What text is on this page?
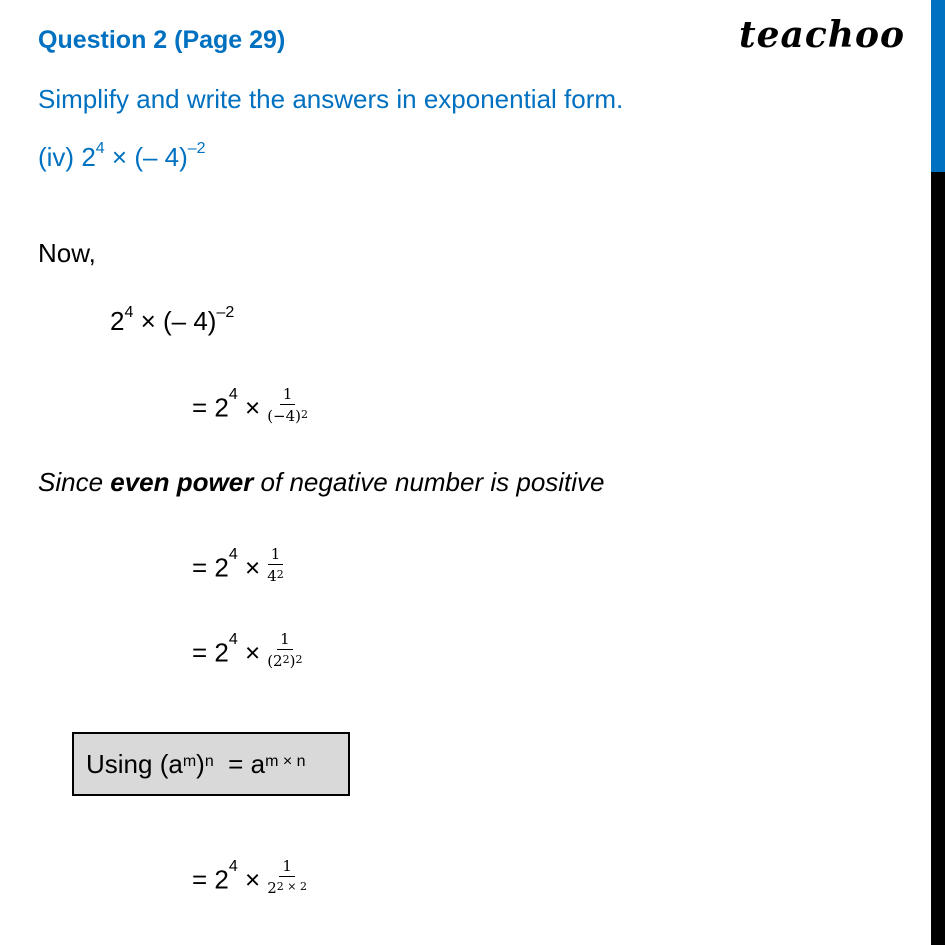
Question 2 (Page 29)	teachoo
Simplify and write the answers in exponential form.
(iv) $2^4$ × (– 4)$^{-2}$
Now,
$2^4$ × (– 4)$^{-2}$
= $2^4 \times \frac{1}{(-4)^2}$
Since even power of negative number is positive
= $2^4 \times \frac{1}{4^2}$
= $2^4 \times \frac{1}{(2^2)^2}$
Using $(a^m)^n = a^{m \times n}$
= $2^4 \times \frac{1}{2^{2 \times 2}}$
